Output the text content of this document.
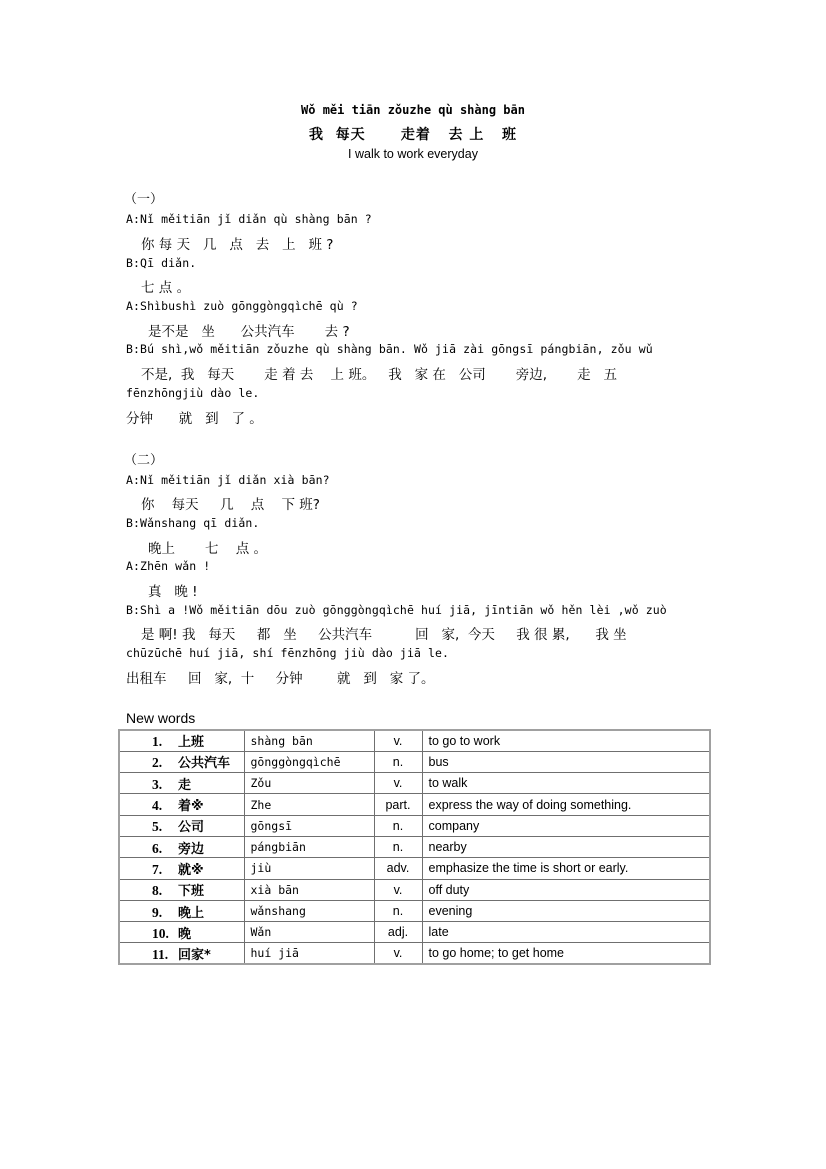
Wǒ měi tiān zǒuzhe qù shàng bān
我  每天      走着   去 上   班
I walk to work everyday
（一）
A:Nǐ měitiān jǐ diǎn qù shàng bān ?
你 每 天   几   点   去   上   班 ?
B:Qī diǎn.
七 点 。
A:Shìbushì zuò gōnggòngqìchē qù ?
是不是   坐      公共汽车       去 ?
B:Bú shì,wǒ měitiān zǒuzhe qù shàng bān. Wǒ jiā zài gōngsī pángbiān, zǒu wǔ
不是,  我   每天       走 着 去    上 班。   我   家 在   公司       旁边,       走   五
fēnzhōngjiù dào le.
分钟      就   到   了 。
（二）
A:Nǐ měitiān jǐ diǎn xià bān?
你    每天     几    点    下 班?
B:Wǎnshang qī diǎn.
晚上       七    点 。
A:Zhēn wǎn !
真   晚 !
B:Shì a !Wǒ měitiān dōu zuò gōnggòngqìchē huí jiā, jīntiān wǒ hěn lèi ,wǒ zuò
是 啊! 我   每天     都   坐     公共汽车          回   家,  今天     我 很 累,      我 坐
chūzūchē huí jiā, shí fēnzhōng jiù dào jiā le.
出租车     回   家,  十     分钟        就   到   家 了。
New words
1. 上班	shàng bān	v.	to go to work
2. 公共汽车	gōnggòngqìchē	n.	bus
3. 走	Zǒu	v.	to walk
4. 着※	Zhe	part.	express the way of doing something.
5. 公司	gōngsī	n.	company
6. 旁边	pángbiān	n.	nearby
7. 就※	jiù	adv.	emphasize the time is short or early.
8. 下班	xià bān	v.	off duty
9. 晚上	wǎnshang	n.	evening
10. 晚	Wǎn	adj.	late
11. 回家*	huí jiā	v.	to go home; to get home
